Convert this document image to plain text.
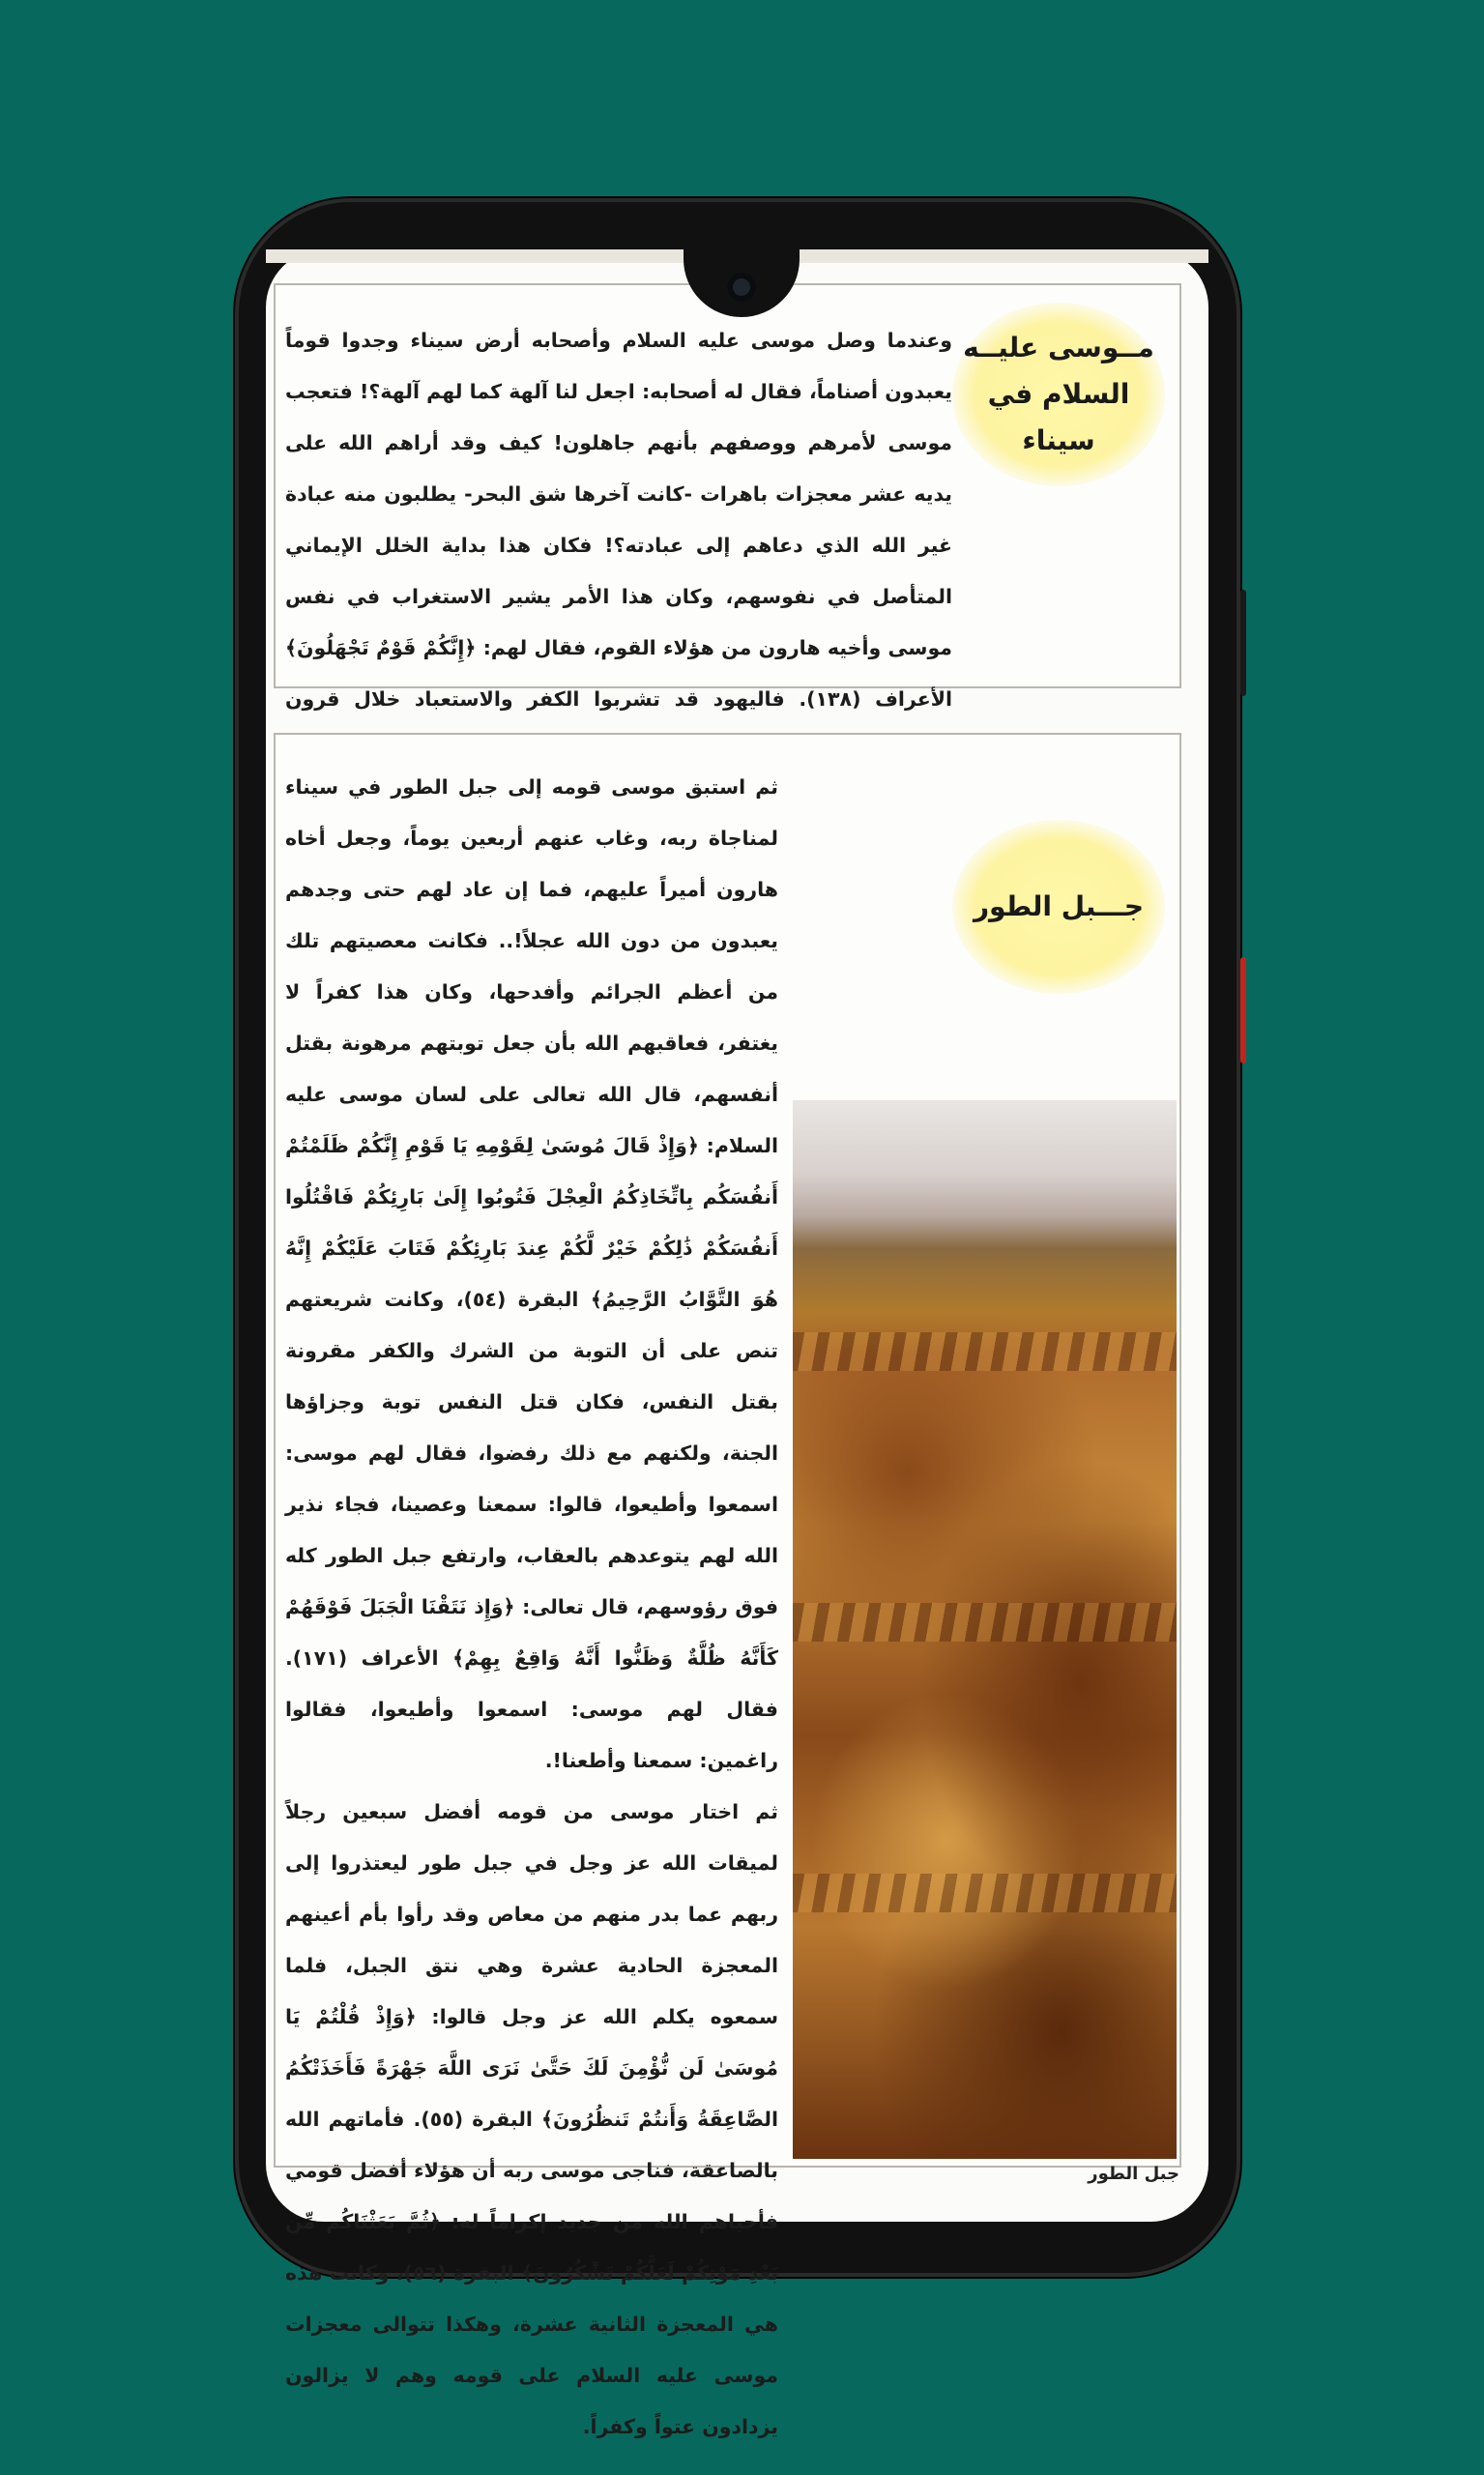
مــوسى عليــه
السلام في سيناء
وعندما وصل موسى عليه السلام وأصحابه أرض سيناء وجدوا قوماً يعبدون أصناماً، فقال له أصحابه: اجعل لنا آلهة كما لهم آلهة؟! فتعجب موسى لأمرهم ووصفهم بأنهم جاهلون! كيف وقد أراهم الله على يديه عشر معجزات باهرات -كانت آخرها شق البحر- يطلبون منه عبادة غير الله الذي دعاهم إلى عبادته؟! فكان هذا بداية الخلل الإيماني المتأصل في نفوسهم، وكان هذا الأمر يشير الاستغراب في نفس موسى وأخيه هارون من هؤلاء القوم، فقال لهم: ﴿إِنَّكُمْ قَوْمٌ تَجْهَلُونَ﴾ الأعراف (١٣٨). فاليهود قد تشربوا الكفر والاستعباد خلال قرون
جـــبل الطور
ثم استبق موسى قومه إلى جبل الطور في سيناء لمناجاة ربه، وغاب عنهم أربعين يوماً، وجعل أخاه هارون أميراً عليهم، فما إن عاد لهم حتى وجدهم يعبدون من دون الله عجلاً!.. فكانت معصيتهم تلك من أعظم الجرائم وأفدحها، وكان هذا كفراً لا يغتفر، فعاقبهم الله بأن جعل توبتهم مرهونة بقتل أنفسهم، قال الله تعالى على لسان موسى عليه السلام: ﴿وَإِذْ قَالَ مُوسَىٰ لِقَوْمِهِ يَا قَوْمِ إِنَّكُمْ ظَلَمْتُمْ أَنفُسَكُم بِاتِّخَاذِكُمُ الْعِجْلَ فَتُوبُوا إِلَىٰ بَارِئِكُمْ فَاقْتُلُوا أَنفُسَكُمْ ذَٰلِكُمْ خَيْرٌ لَّكُمْ عِندَ بَارِئِكُمْ فَتَابَ عَلَيْكُمْ إِنَّهُ هُوَ التَّوَّابُ الرَّحِيمُ﴾ البقرة (٥٤)، وكانت شريعتهم تنص على أن التوبة من الشرك والكفر مقرونة بقتل النفس، فكان قتل النفس توبة وجزاؤها الجنة، ولكنهم مع ذلك رفضوا، فقال لهم موسى: اسمعوا وأطيعوا، قالوا: سمعنا وعصينا، فجاء نذير الله لهم يتوعدهم بالعقاب، وارتفع جبل الطور كله فوق رؤوسهم، قال تعالى: ﴿وَإِذ نَتَقْنَا الْجَبَلَ فَوْقَهُمْ كَأَنَّهُ ظُلَّةٌ وَظَنُّوا أَنَّهُ وَاقِعٌ بِهِمْ﴾ الأعراف (١٧١). فقال لهم موسى: اسمعوا وأطيعوا، فقالوا راغمين: سمعنا وأطعنا!.
ثم اختار موسى من قومه أفضل سبعين رجلاً لميقات الله عز وجل في جبل طور ليعتذروا إلى ربهم عما بدر منهم من معاص وقد رأوا بأم أعينهم المعجزة الحادية عشرة وهي نتق الجبل، فلما سمعوه يكلم الله عز وجل قالوا: ﴿وَإِذْ قُلْتُمْ يَا مُوسَىٰ لَن نُّؤْمِنَ لَكَ حَتَّىٰ نَرَى اللَّهَ جَهْرَةً فَأَخَذَتْكُمُ الصَّاعِقَةُ وَأَنتُمْ تَنظُرُونَ﴾ البقرة (٥٥). فأماتهم الله بالصاعقة، فناجى موسى ربه أن هؤلاء أفضل قومي فأحياهم الله من جديد إكراماً له: ﴿ثُمَّ بَعَثْنَاكُم مِّن بَعْدِ مَوْتِكُمْ لَعَلَّكُمْ تَشْكُرُونَ﴾ البقرة (٥٦)، وكانت هذه هي المعجزة الثانية عشرة، وهكذا تتوالى معجزات موسى عليه السلام على قومه وهم لا يزالون يزدادون عتواً وكفراً.
جبل الطور
